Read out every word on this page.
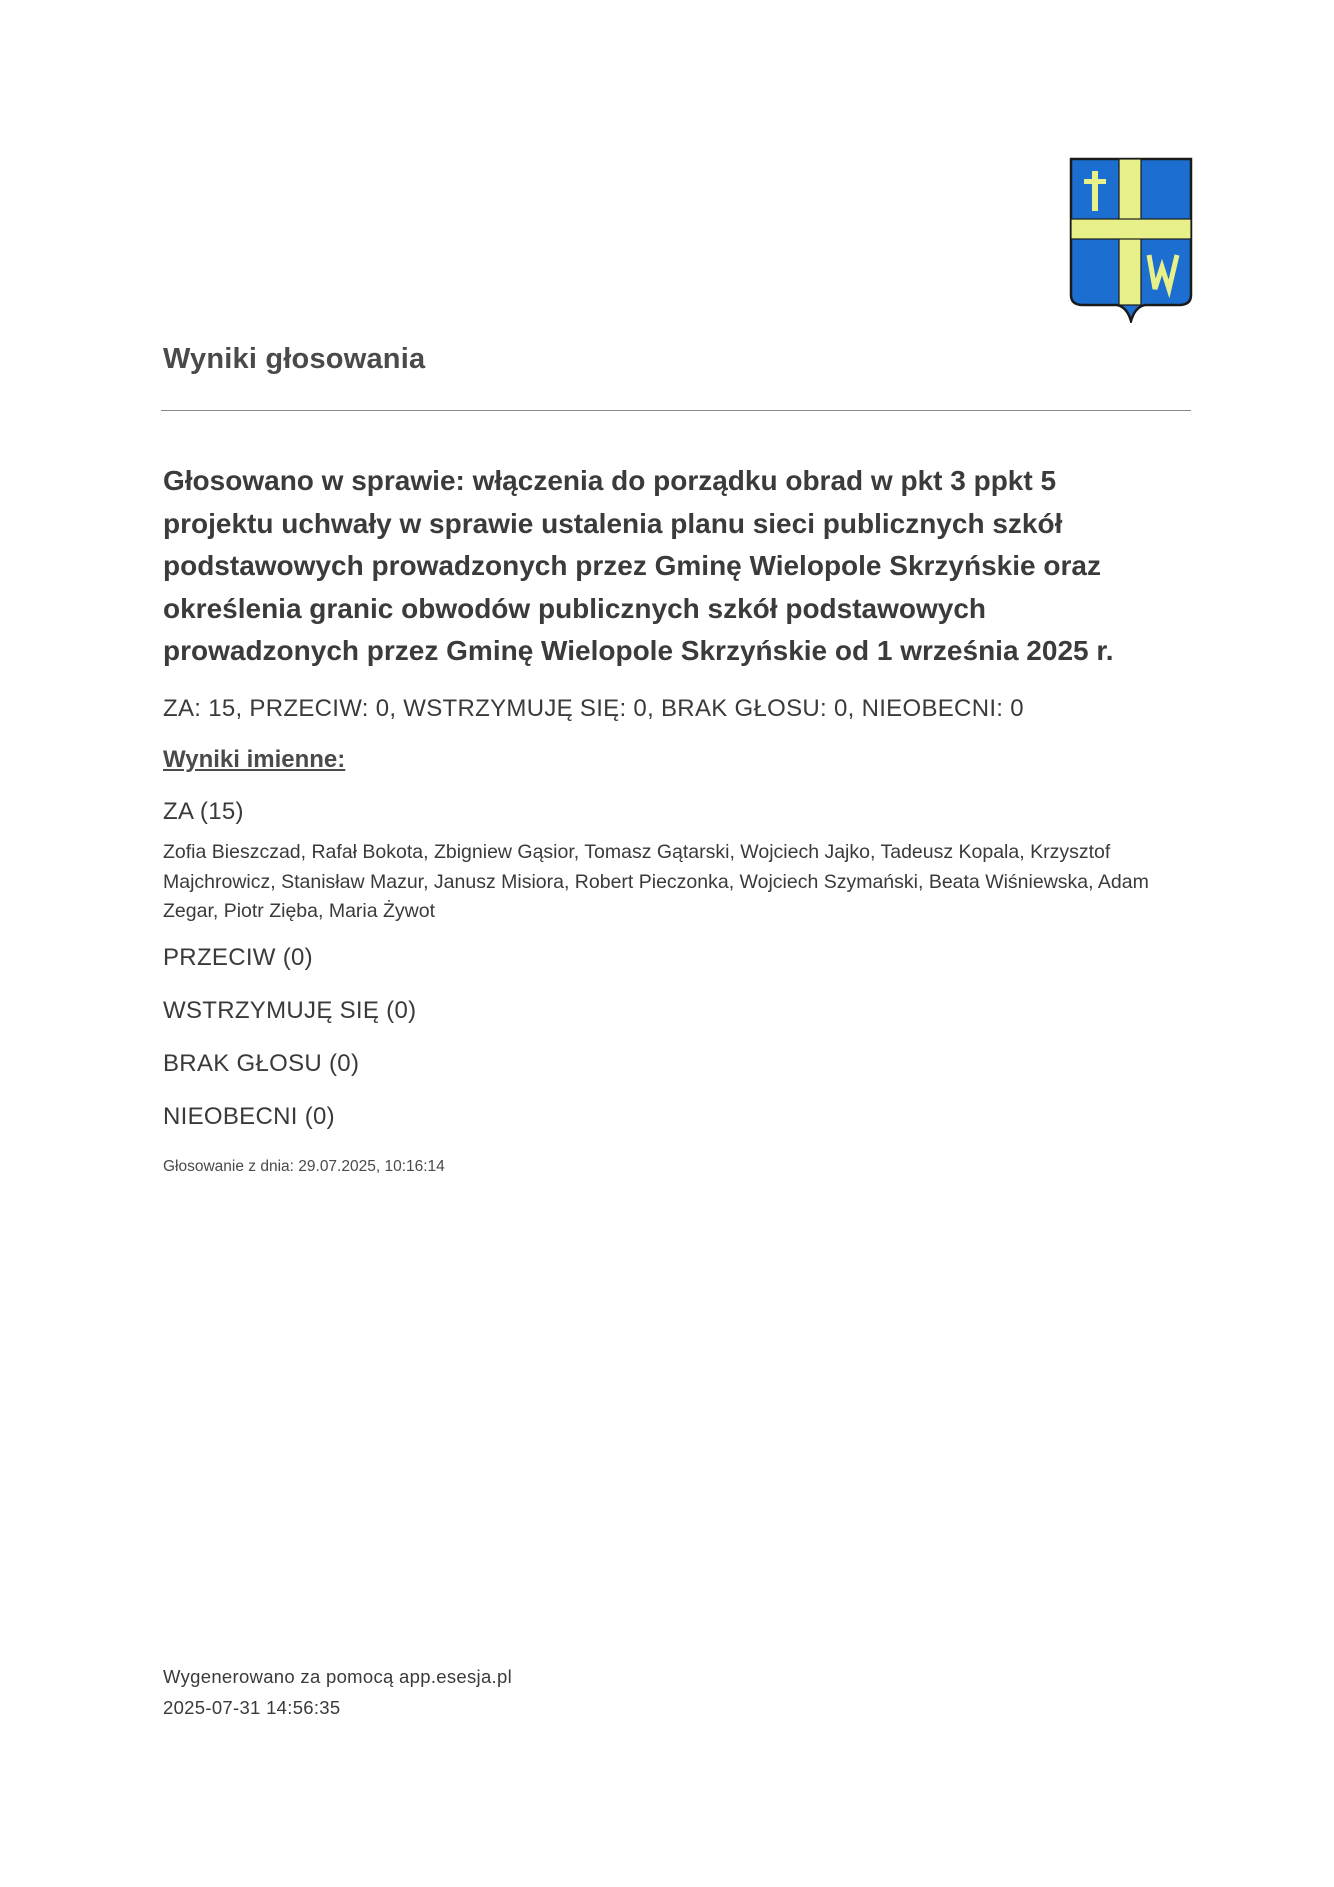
Wyniki głosowania

Głosowano w sprawie: włączenia do porządku obrad w pkt 3 ppkt 5 projektu uchwały w sprawie ustalenia planu sieci publicznych szkół podstawowych prowadzonych przez Gminę Wielopole Skrzyńskie oraz określenia granic obwodów publicznych szkół podstawowych prowadzonych przez Gminę Wielopole Skrzyńskie od 1 września 2025 r.

ZA: 15, PRZECIW: 0, WSTRZYMUJĘ SIĘ: 0, BRAK GŁOSU: 0, NIEOBECNI: 0

Wyniki imienne:

ZA (15)

Zofia Bieszczad, Rafał Bokota, Zbigniew Gąsior, Tomasz Gątarski, Wojciech Jajko, Tadeusz Kopala, Krzysztof Majchrowicz, Stanisław Mazur, Janusz Misiora, Robert Pieczonka, Wojciech Szymański, Beata Wiśniewska, Adam Zegar, Piotr Zięba, Maria Żywot

PRZECIW (0)

WSTRZYMUJĘ SIĘ (0)

BRAK GŁOSU (0)

NIEOBECNI (0)

Głosowanie z dnia: 29.07.2025, 10:16:14

Wygenerowano za pomocą app.esesja.pl

2025-07-31 14:56:35
